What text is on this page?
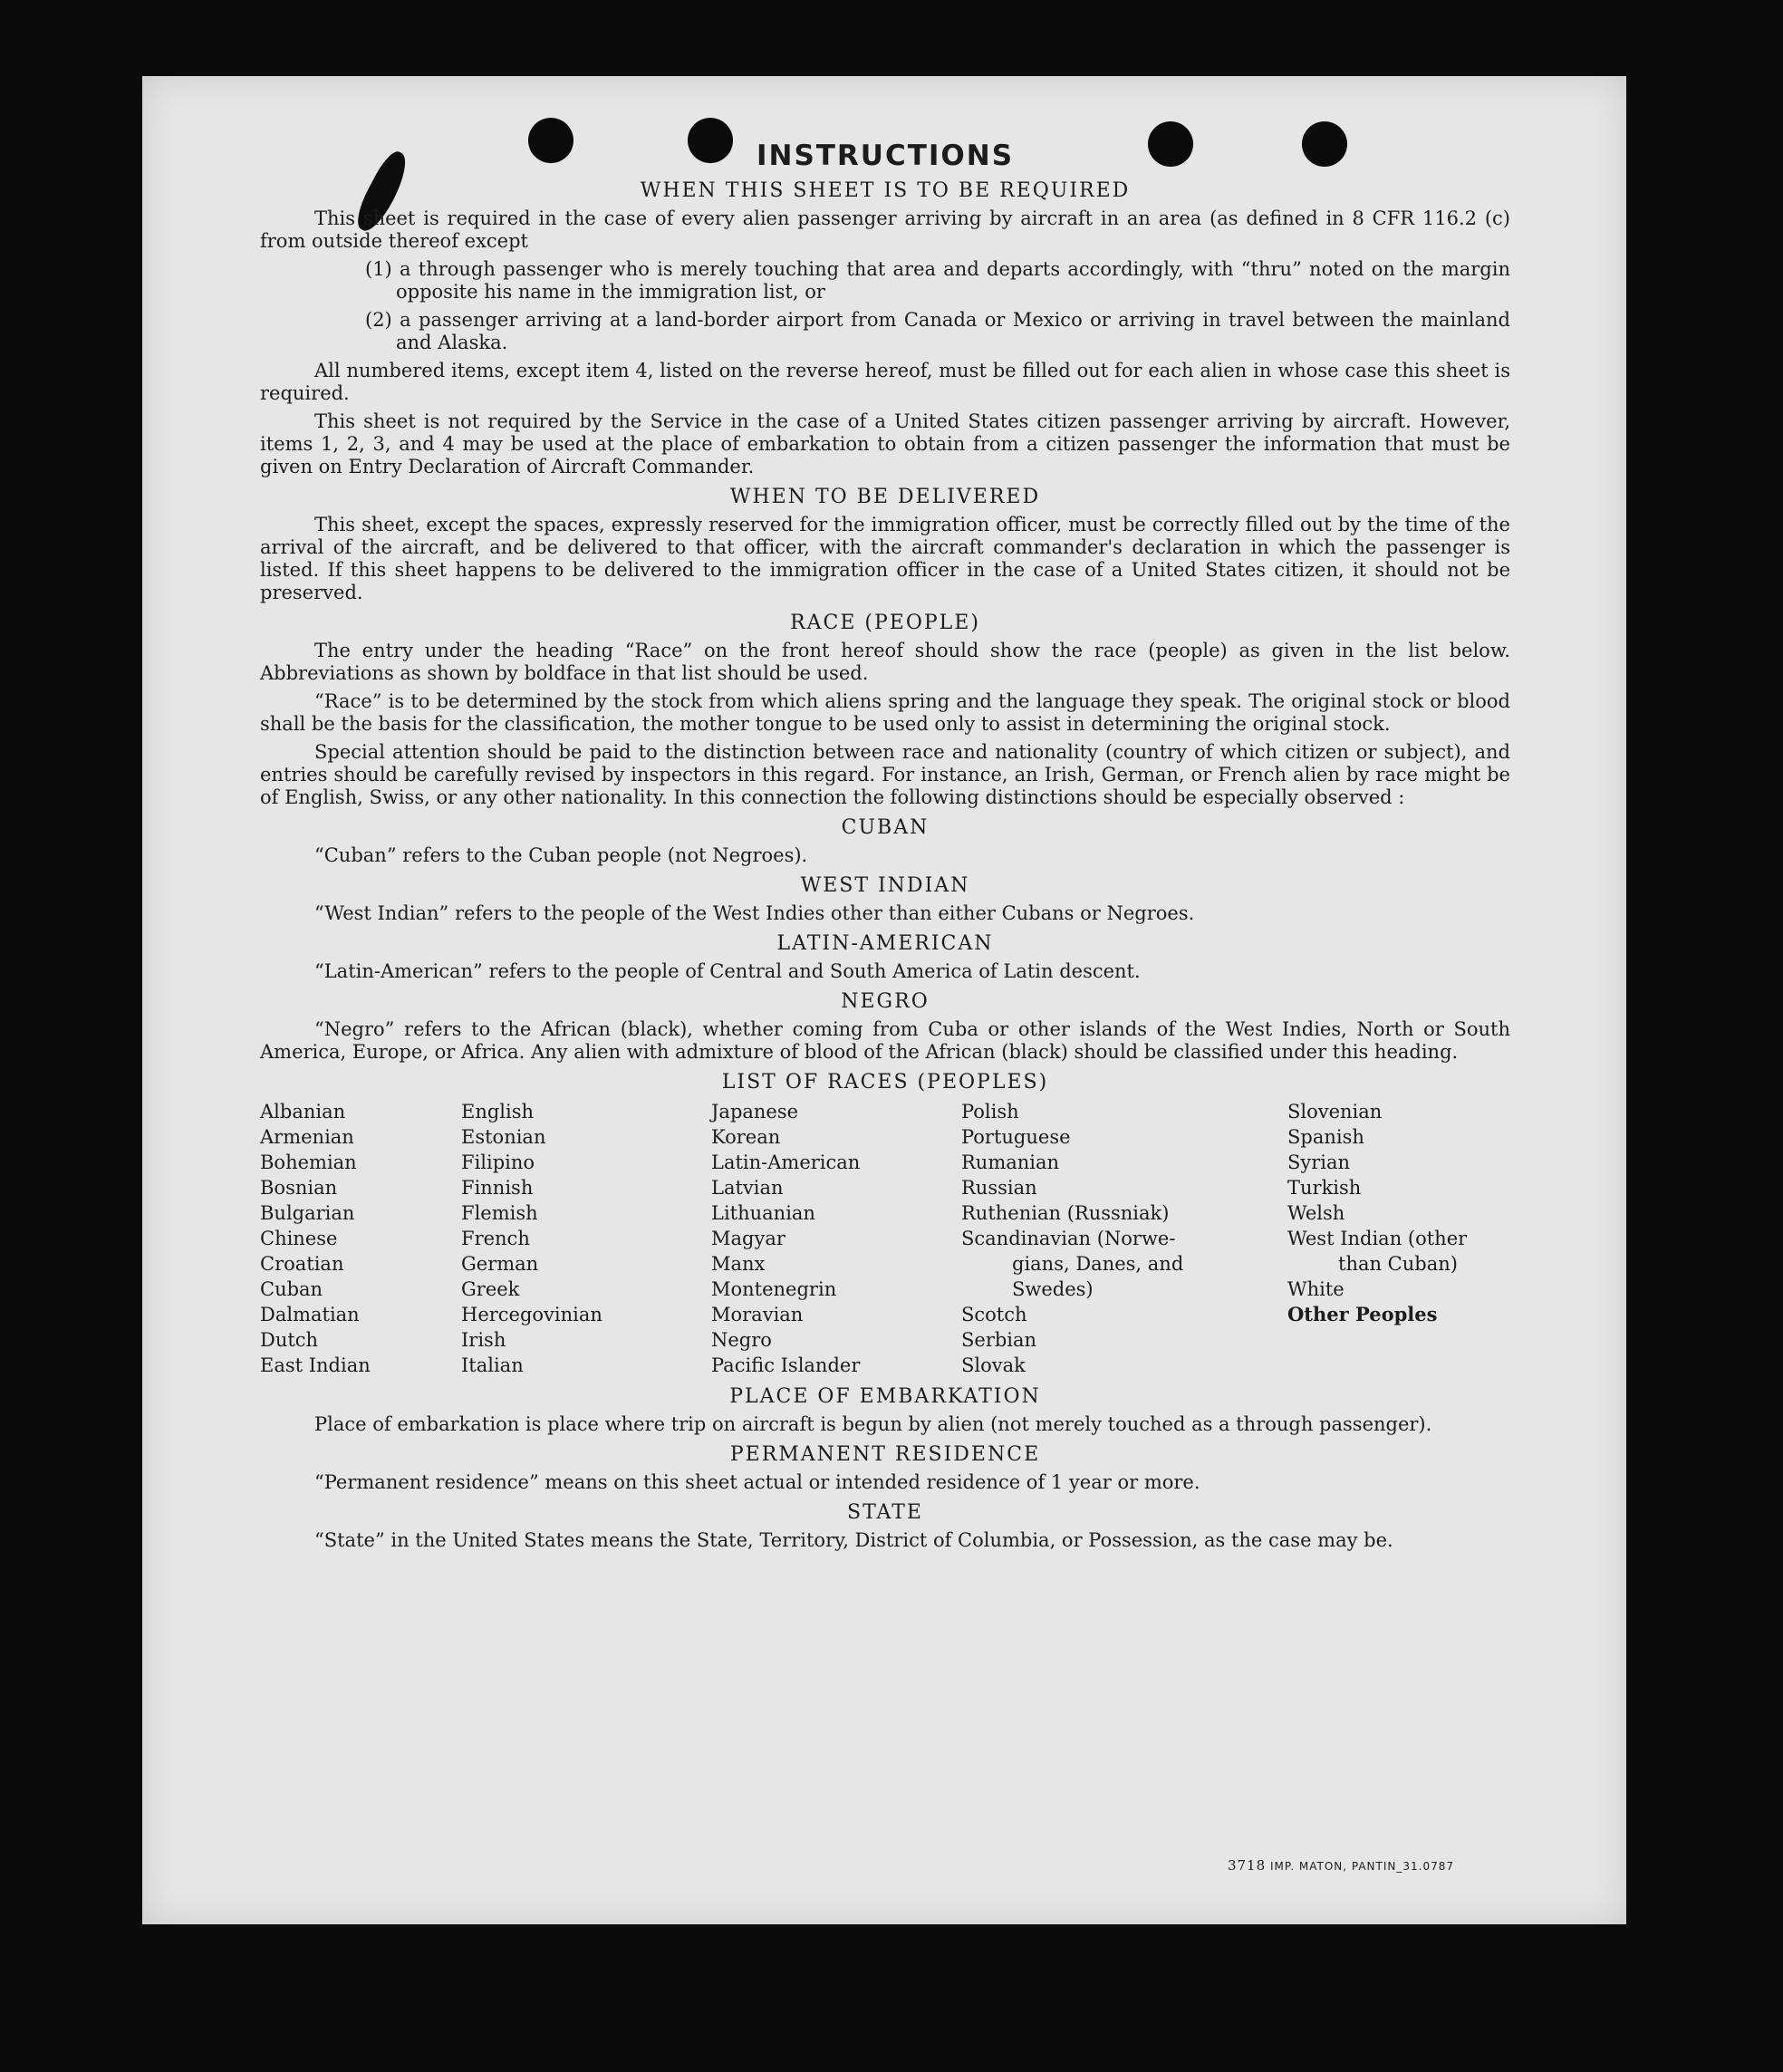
INSTRUCTIONS
WHEN THIS SHEET IS TO BE REQUIRED

This sheet is required in the case of every alien passenger arriving by aircraft in an area (as defined in 8 CFR 116.2 (c) from outside thereof except

(1) a through passenger who is merely touching that area and departs accordingly, with “thru” noted on the margin opposite his name in the immigration list, or
(2) a passenger arriving at a land-border airport from Canada or Mexico or arriving in travel between the mainland and Alaska.

All numbered items, except item 4, listed on the reverse hereof, must be filled out for each alien in whose case this sheet is required.

This sheet is not required by the Service in the case of a United States citizen passenger arriving by aircraft. However, items 1, 2, 3, and 4 may be used at the place of embarkation to obtain from a citizen passenger the information that must be given on Entry Declaration of Aircraft Commander.

WHEN TO BE DELIVERED

This sheet, except the spaces, expressly reserved for the immigration officer, must be correctly filled out by the time of the arrival of the aircraft, and be delivered to that officer, with the aircraft commander's declaration in which the passenger is listed. If this sheet happens to be delivered to the immigration officer in the case of a United States citizen, it should not be preserved.

RACE (PEOPLE)

The entry under the heading “Race” on the front hereof should show the race (people) as given in the list below. Abbreviations as shown by boldface in that list should be used.

“Race” is to be determined by the stock from which aliens spring and the language they speak. The original stock or blood shall be the basis for the classification, the mother tongue to be used only to assist in determining the original stock.

Special attention should be paid to the distinction between race and nationality (country of which citizen or subject), and entries should be carefully revised by inspectors in this regard. For instance, an Irish, German, or French alien by race might be of English, Swiss, or any other nationality. In this connection the following distinctions should be especially observed :

CUBAN
“Cuban” refers to the Cuban people (not Negroes).
WEST INDIAN
“West Indian” refers to the people of the West Indies other than either Cubans or Negroes.
LATIN-AMERICAN
“Latin-American” refers to the people of Central and South America of Latin descent.
NEGRO

“Negro” refers to the African (black), whether coming from Cuba or other islands of the West Indies, North or South America, Europe, or Africa. Any alien with admixture of blood of the African (black) should be classified under this heading.

LIST OF RACES (PEOPLES)
Albanian
Armenian
Bohemian
Bosnian
Bulgarian
Chinese
Croatian
Cuban
Dalmatian
Dutch
East Indian
English
Estonian
Filipino
Finnish
Flemish
French
German
Greek
Hercegovinian
Irish
Italian
Japanese
Korean
Latin-American
Latvian
Lithuanian
Magyar
Manx
Montenegrin
Moravian
Negro
Pacific Islander
Polish
Portuguese
Rumanian
Russian
Ruthenian (Russniak)
Scandinavian (Norwe-
gians, Danes, and
Swedes)
Scotch
Serbian
Slovak
Slovenian
Spanish
Syrian
Turkish
Welsh
West Indian (other
than Cuban)
White
Other Peoples
PLACE OF EMBARKATION

Place of embarkation is place where trip on aircraft is begun by alien (not merely touched as a through passenger).

PERMANENT RESIDENCE
“Permanent residence” means on this sheet actual or intended residence of 1 year or more.
STATE
“State” in the United States means the State, Territory, District of Columbia, or Possession, as the case may be.
3718 IMP. MATON, PANTIN_31.0787
